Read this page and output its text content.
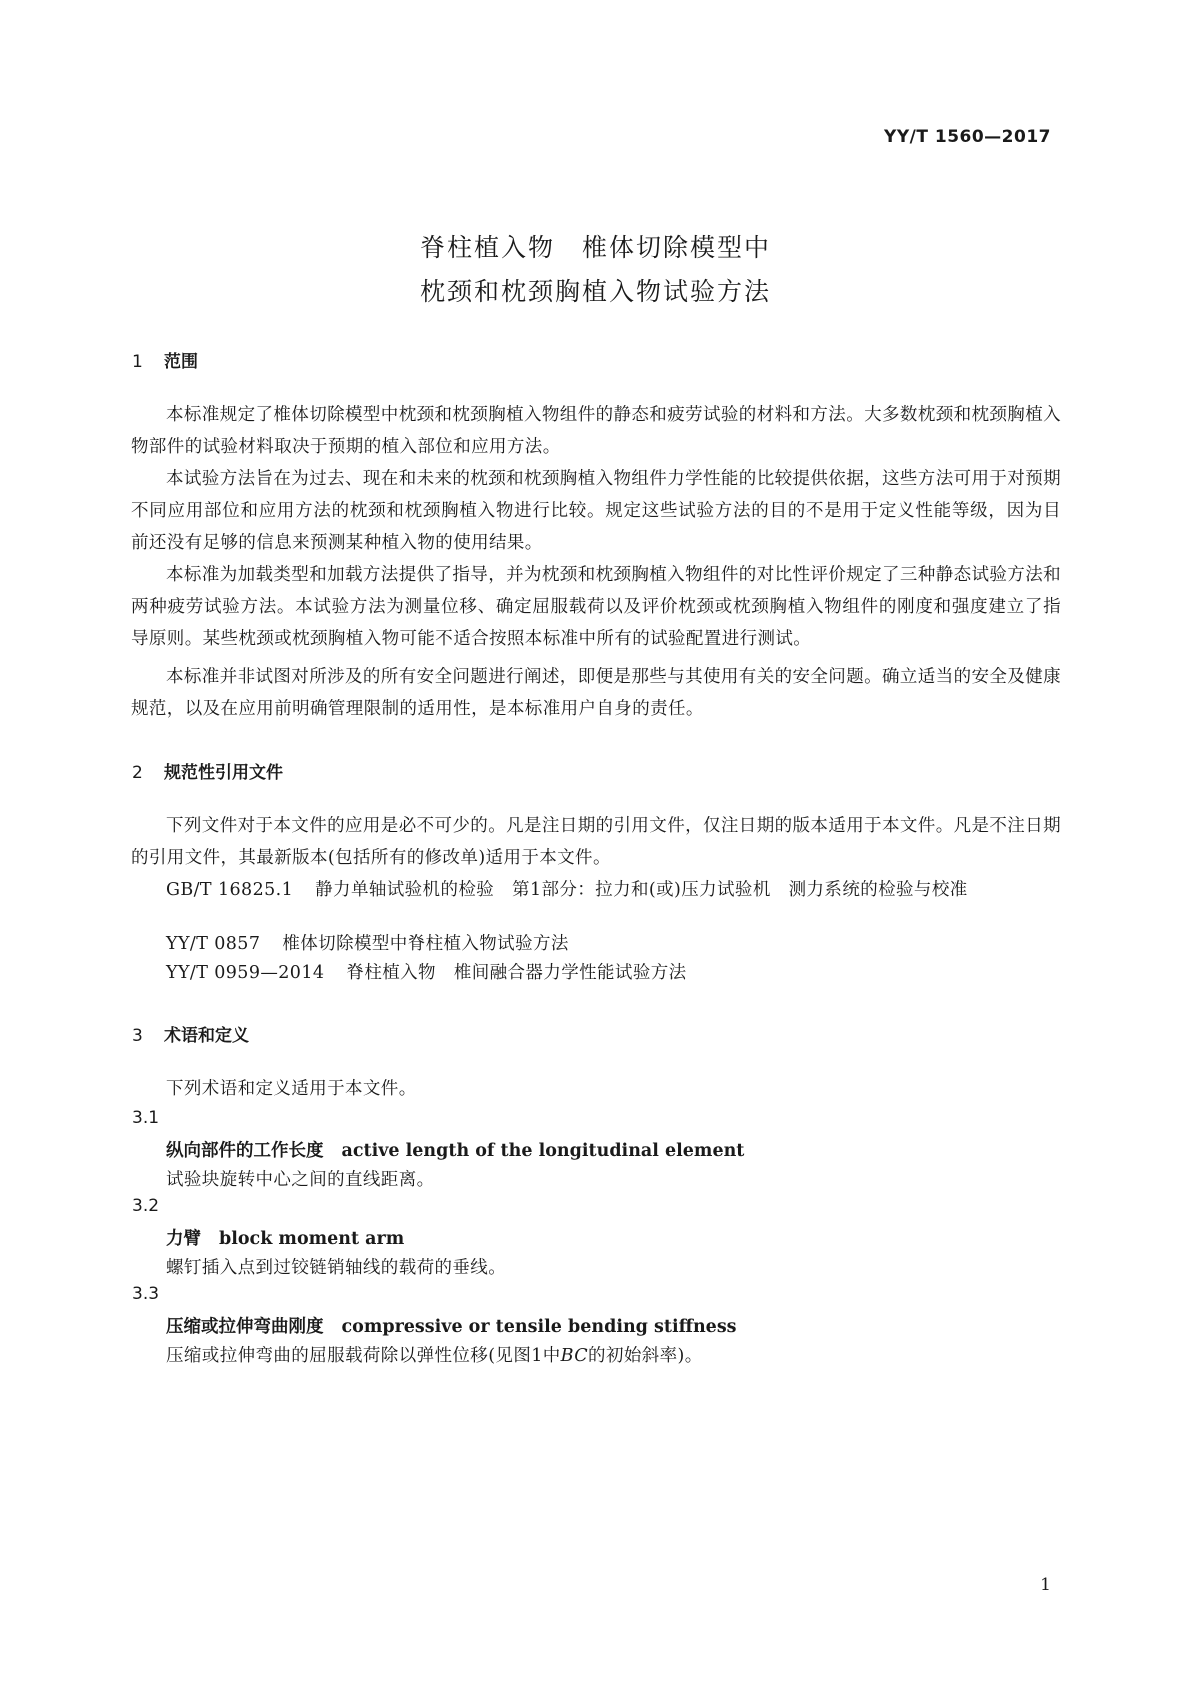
YY/T 1560—2017
脊柱植入物　椎体切除模型中
枕颈和枕颈胸植入物试验方法
1 范围
本标准规定了椎体切除模型中枕颈和枕颈胸植入物组件的静态和疲劳试验的材料和方法。大多数枕颈和枕颈胸植入物部件的试验材料取决于预期的植入部位和应用方法。
本试验方法旨在为过去、现在和未来的枕颈和枕颈胸植入物组件力学性能的比较提供依据，这些方法可用于对预期不同应用部位和应用方法的枕颈和枕颈胸植入物进行比较。规定这些试验方法的目的不是用于定义性能等级，因为目前还没有足够的信息来预测某种植入物的使用结果。
本标准为加载类型和加载方法提供了指导，并为枕颈和枕颈胸植入物组件的对比性评价规定了三种静态试验方法和两种疲劳试验方法。本试验方法为测量位移、确定屈服载荷以及评价枕颈或枕颈胸植入物组件的刚度和强度建立了指导原则。某些枕颈或枕颈胸植入物可能不适合按照本标准中所有的试验配置进行测试。
本标准并非试图对所涉及的所有安全问题进行阐述，即便是那些与其使用有关的安全问题。确立适当的安全及健康规范，以及在应用前明确管理限制的适用性，是本标准用户自身的责任。
2 规范性引用文件
下列文件对于本文件的应用是必不可少的。凡是注日期的引用文件，仅注日期的版本适用于本文件。凡是不注日期的引用文件，其最新版本(包括所有的修改单)适用于本文件。
GB/T 16825.1 静力单轴试验机的检验　第1部分：拉力和(或)压力试验机　测力系统的检验与校准
YY/T 0857 椎体切除模型中脊柱植入物试验方法
YY/T 0959—2014 脊柱植入物　椎间融合器力学性能试验方法
3 术语和定义
下列术语和定义适用于本文件。
3.1
纵向部件的工作长度 active length of the longitudinal element
试验块旋转中心之间的直线距离。
3.2
力臂 block moment arm
螺钉插入点到过铰链销轴线的载荷的垂线。
3.3
压缩或拉伸弯曲刚度 compressive or tensile bending stiffness
压缩或拉伸弯曲的屈服载荷除以弹性位移(见图1中BC的初始斜率)。
1
